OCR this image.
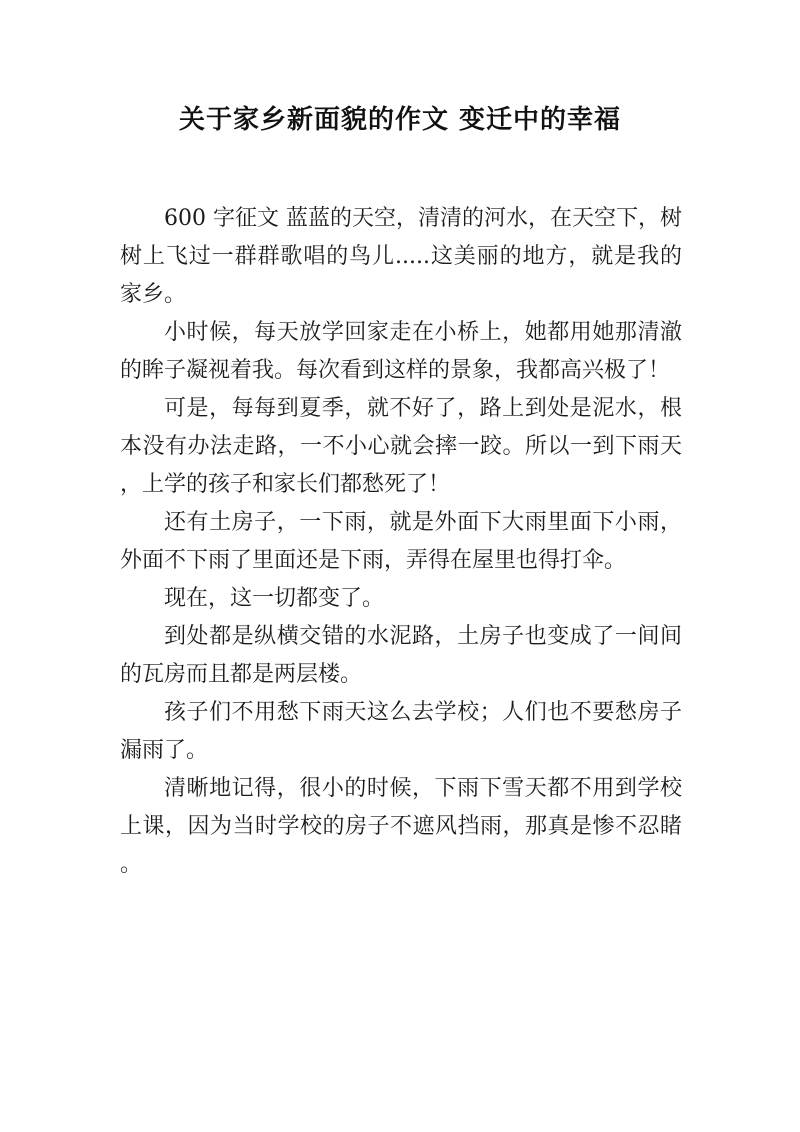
关于家乡新面貌的作文 变迁中的幸福

600 字征文 蓝蓝的天空，清清的河水，在天空下，树树上飞过一群群歌唱的鸟儿.....这美丽的地方，就是我的家乡。

小时候，每天放学回家走在小桥上，她都用她那清澈的眸子凝视着我。每次看到这样的景象，我都高兴极了！

可是，每每到夏季，就不好了，路上到处是泥水，根本没有办法走路，一不小心就会摔一跤。所以一到下雨天，上学的孩子和家长们都愁死了！

还有土房子，一下雨，就是外面下大雨里面下小雨，外面不下雨了里面还是下雨，弄得在屋里也得打伞。

现在，这一切都变了。

到处都是纵横交错的水泥路，土房子也变成了一间间的瓦房而且都是两层楼。

孩子们不用愁下雨天这么去学校；人们也不要愁房子漏雨了。

清晰地记得，很小的时候，下雨下雪天都不用到学校上课，因为当时学校的房子不遮风挡雨，那真是惨不忍睹。
